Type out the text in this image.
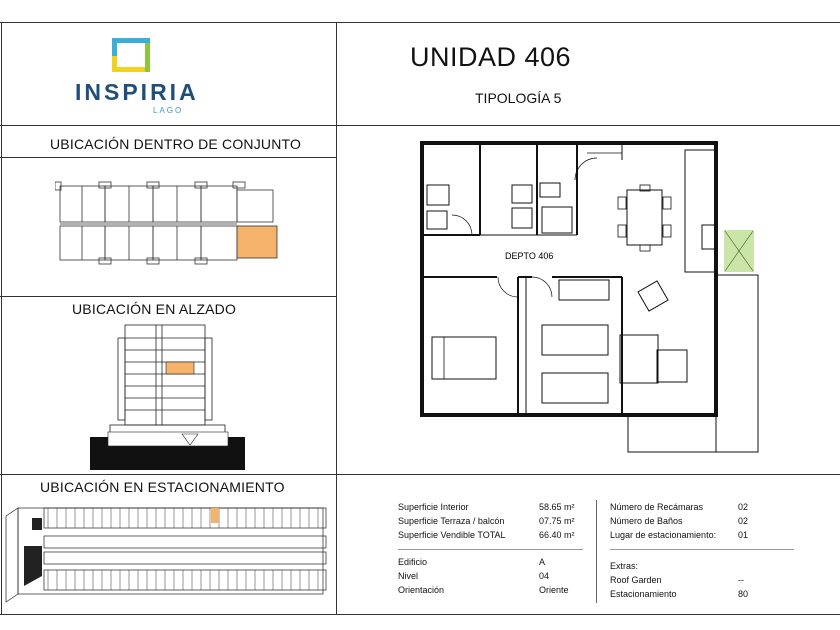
INSPIRIA
LAGO
UNIDAD 406
TIPOLOGÍA 5
UBICACIÓN DENTRO DE CONJUNTO
UBICACIÓN EN ALZADO
UBICACIÓN EN ESTACIONAMIENTO
DEPTO 406
Superficie Interior	58.65 m²
Superficie Terraza / balcón	07.75 m²
Superficie Vendible TOTAL	66.40 m²
Edificio	A
Nivel	04
Orientación	Oriente
Número de Recámaras	02
Número de Baños	02
Lugar de estacionamiento: 01
Extras:
Roof Garden	--
Estacionamiento	80
